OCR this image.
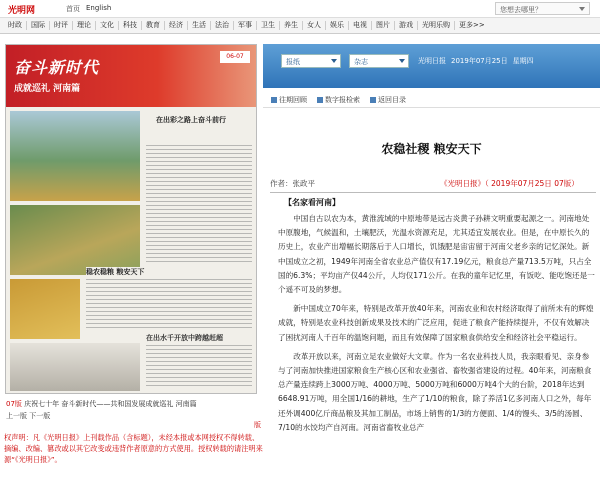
光明网	首页 English	您想去哪里？
时政	国际	时评	理论	文化	科技	教育	经济	生活	法治	军事	卫生	养生	女人	娱乐	电视	图片	游戏	光明乐购	更多>>
奋斗新时代
成就巡礼 河南篇
06-07
在出彩之路上奋斗前行
稳农稳粮 粮安天下
在出水千开放中跨越赶超
07版 庆祝七十年 奋斗新时代——共和国发展成就巡礼 河南篇
上一版 下一版
版
权声明：凡《光明日报》上刊载作品（含标题），未经本报或本网授权不得转载、摘编、改编、篡改或以其它改变或违背作者原意的方式使用。授权转载的请注明来源“《光明日报》”。
报纸	杂志	光明日报 2019年07月25日 星期四
往期回顾	数字报检索	返回目录
农稳社稷 粮安天下
作者：张政平	《光明日报》（ 2019年07月25日 07版）
【名家看河南】

中国自古以农为本，黄淮流域的中原地带是远古炎黄子孙耕文明重要起源之一。河南地处中原腹地，气候温和，土壤肥沃，光温水资源充足，尤其适宜发展农业。但是，在中原长久的历史上，农业产出增幅长期落后于人口增长，饥饿肥是宙宙留于河南父老乡亲的记忆深处。新中国成立之初，1949年河南全省农业总产值仅有17.19亿元，粮食总产量713.5万吨，只占全国的6.3%；平均亩产仅44公斤，人均仅171公斤。在我的童年记忆里，有饭吃、能吃饱还是一个遥不可及的梦想。

新中国成立70年来，特别是改革开放40年来，河南农业和农村经济取得了前所未有的辉煌成就，特别是农业科技创新成果及技术的广泛应用，促进了粮食产能持续提升，不仅有效解决了困扰河南人千百年的温饱问题，而且有效保障了国家粮食供给安全和经济社会平稳运行。

改革开放以来，河南立足农业做好大文章。作为一名农业科技人员，我亲眼看见、亲身参与了河南加快推进国家粮食生产核心区和农业强省、畜牧强省建设的过程。40年来，河南粮食总产量连续跨上3000万吨、4000万吨、5000万吨和6000万吨4个大的台阶，2018年达到6648.91万吨，用全国1/16的耕地，生产了1/10的粮食，除了养活1亿多河南人口之外，每年还外调400亿斤商品粮及其加工制品，市场上销售的1/3的方便面、1/4的馒头、3/5的汤圆、7/10的水饺均产自河南。河南省畜牧业总产
